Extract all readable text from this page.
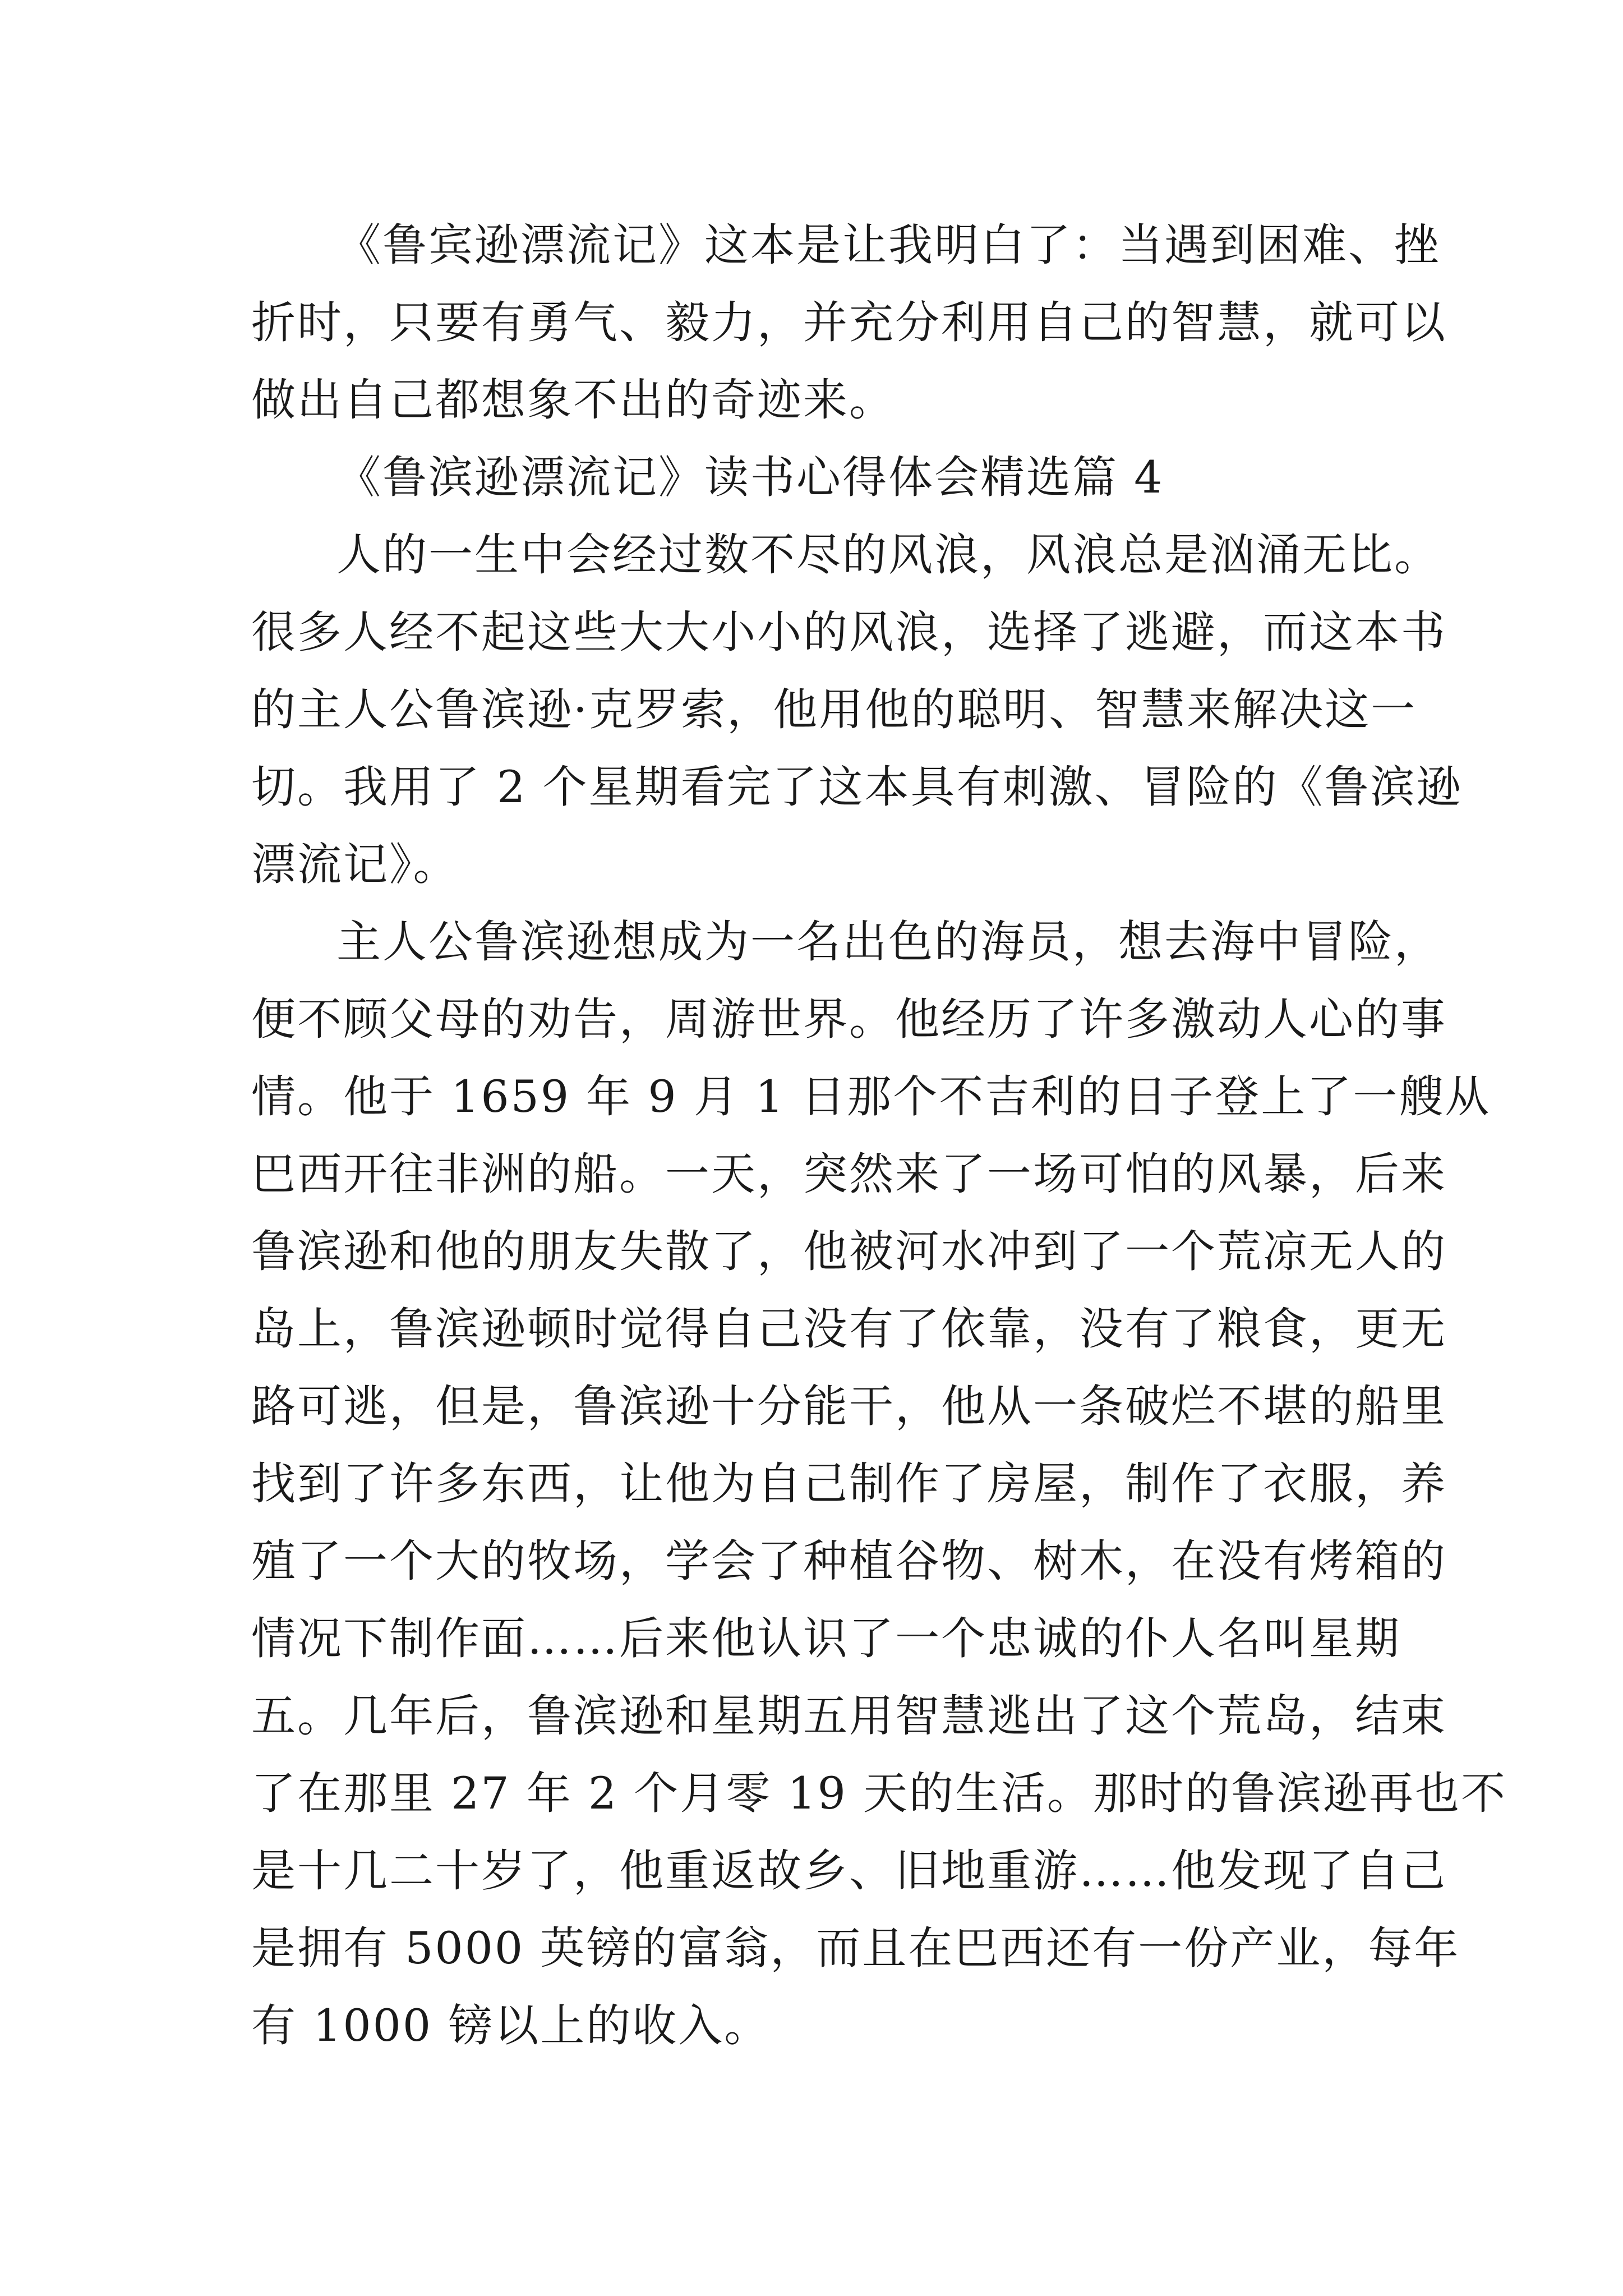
《鲁宾逊漂流记》这本是让我明白了：当遇到困难、挫

折时，只要有勇气、毅力，并充分利用自己的智慧，就可以

做出自己都想象不出的奇迹来。

《鲁滨逊漂流记》读书心得体会精选篇 4

人的一生中会经过数不尽的风浪，风浪总是汹涌无比。

很多人经不起这些大大小小的风浪，选择了逃避，而这本书

的主人公鲁滨逊·克罗索，他用他的聪明、智慧来解决这一

切。我用了 2 个星期看完了这本具有刺激、冒险的《鲁滨逊

漂流记》。

主人公鲁滨逊想成为一名出色的海员，想去海中冒险，

便不顾父母的劝告，周游世界。他经历了许多激动人心的事

情。他于 1659 年 9 月 1 日那个不吉利的日子登上了一艘从

巴西开往非洲的船。一天，突然来了一场可怕的风暴，后来

鲁滨逊和他的朋友失散了，他被河水冲到了一个荒凉无人的

岛上，鲁滨逊顿时觉得自己没有了依靠，没有了粮食，更无

路可逃，但是，鲁滨逊十分能干，他从一条破烂不堪的船里

找到了许多东西，让他为自己制作了房屋，制作了衣服，养

殖了一个大的牧场，学会了种植谷物、树木，在没有烤箱的

情况下制作面……后来他认识了一个忠诚的仆人名叫星期

五。几年后，鲁滨逊和星期五用智慧逃出了这个荒岛，结束

了在那里 27 年 2 个月零 19 天的生活。那时的鲁滨逊再也不

是十几二十岁了，他重返故乡、旧地重游……他发现了自己

是拥有 5000 英镑的富翁，而且在巴西还有一份产业，每年

有 1000 镑以上的收入。
